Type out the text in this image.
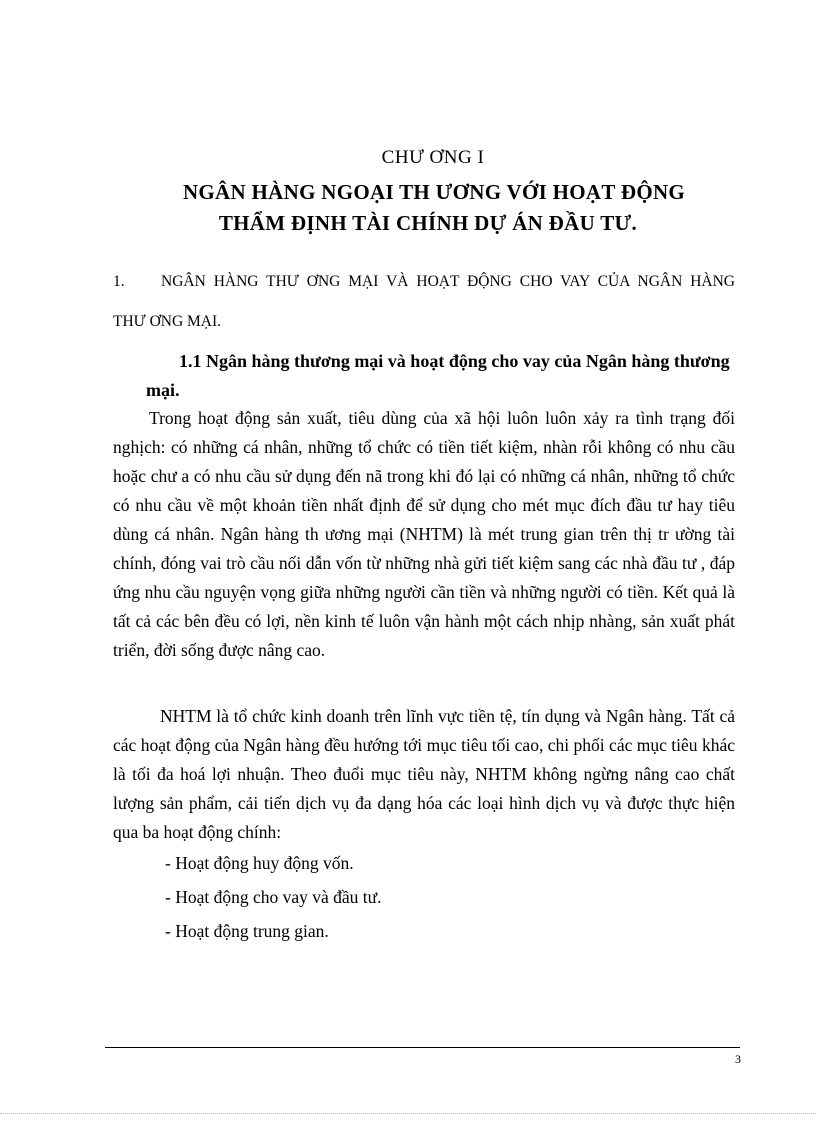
CHƯ ƠNG I
NGÂN HÀNG NGOẠI TH ƯƠNG VỚI HOẠT ĐỘNG
THẨM ĐỊNH TÀI CHÍNH DỰ ÁN ĐẦU TƯ.
1. NGÂN HÀNG THƯ ƠNG MẠI VÀ HOẠT ĐỘNG CHO VAY CỦA NGÂN HÀNG
THƯ ƠNG MẠI.
1.1 Ngân hàng thương mại và hoạt động cho vay của Ngân hàng thương mại.
Trong hoạt động sản xuất, tiêu dùng của xã hội luôn luôn xảy ra tình trạng đối nghịch: có những cá nhân, những tổ chức có tiền tiết kiệm, nhàn rỗi không có nhu cầu hoặc chư a có nhu cầu sử dụng đến nã trong khi đó lại có những cá nhân, những tổ chức có nhu cầu về một khoản tiền nhất định để sử dụng cho mét mục đích đầu tư hay tiêu dùng cá nhân. Ngân hàng th ương mại (NHTM) là mét trung gian trên thị tr ường tài chính, đóng vai trò cầu nối dẫn vốn từ những nhà gửi tiết kiệm sang các nhà đầu tư , đáp ứng nhu cầu nguyện vọng giữa những người cần tiền và những người có tiền. Kết quả là tất cả các bên đều có lợi, nền kinh tế luôn vận hành một cách nhịp nhàng, sản xuất phát triển, đời sống được nâng cao.
NHTM là tổ chức kinh doanh trên lĩnh vực tiền tệ, tín dụng và Ngân hàng. Tất cả các hoạt động của Ngân hàng đều hướng tới mục tiêu tối cao, chi phối các mục tiêu khác là tối đa hoá lợi nhuận. Theo đuổi mục tiêu này, NHTM không ngừng nâng cao chất lượng sản phẩm, cải tiến dịch vụ đa dạng hóa các loại hình dịch vụ và được thực hiện qua ba hoạt động chính:
- Hoạt động huy động vốn.
- Hoạt động cho vay và đầu tư.
- Hoạt động trung gian.
3
